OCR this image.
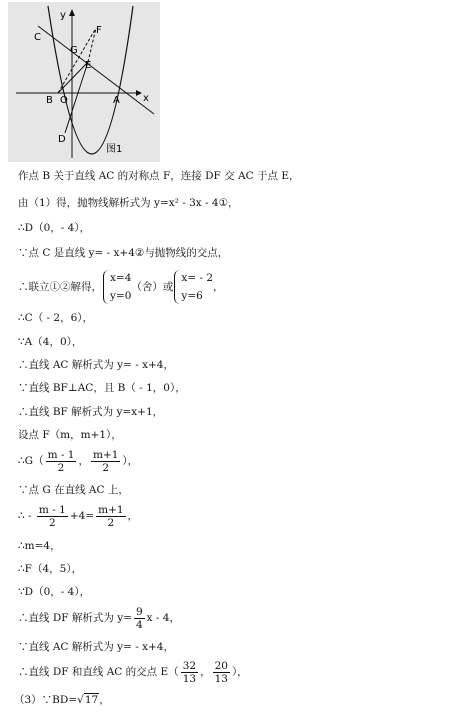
y
x
C
G
F
E
B O	A
D
图1
作点 B 关于直线 AC 的对称点 F，连接 DF 交 AC 于点 E，
由（1）得，抛物线解析式为 y=x² - 3x - 4①，
∴D（0，- 4），
∵点 C 是直线 y= - x+4②与抛物线的交点，
∴联立①②解得，
x=4
y=0
（舍）或
x= - 2
y=6
，
∴C（ - 2，6），
∵A（4，0），
∴直线 AC 解析式为 y= - x+4，
∵直线 BF⊥AC，且 B（ - 1，0），
∴直线 BF 解析式为 y=x+1，
设点 F（m，m+1），
∴G（ $\frac{m - 1}{2}$ ， $\frac{m+1}{2}$ ），
∵点 G 在直线 AC 上，
∴ - $\frac{m - 1}{2} +4= \frac{m+1}{2}$ ，
∴m=4，
∴F（4，5），
∵D（0，- 4），
∴直线 DF 解析式为 $y= \frac{9}{4}$ x - 4，
∵直线 AC 解析式为 y= - x+4，
∴直线 DF 和直线 AC 的交点 $E( \frac{32}{13}$ ， $\frac{20}{13}$ ），
（3）∵BD=√17，
